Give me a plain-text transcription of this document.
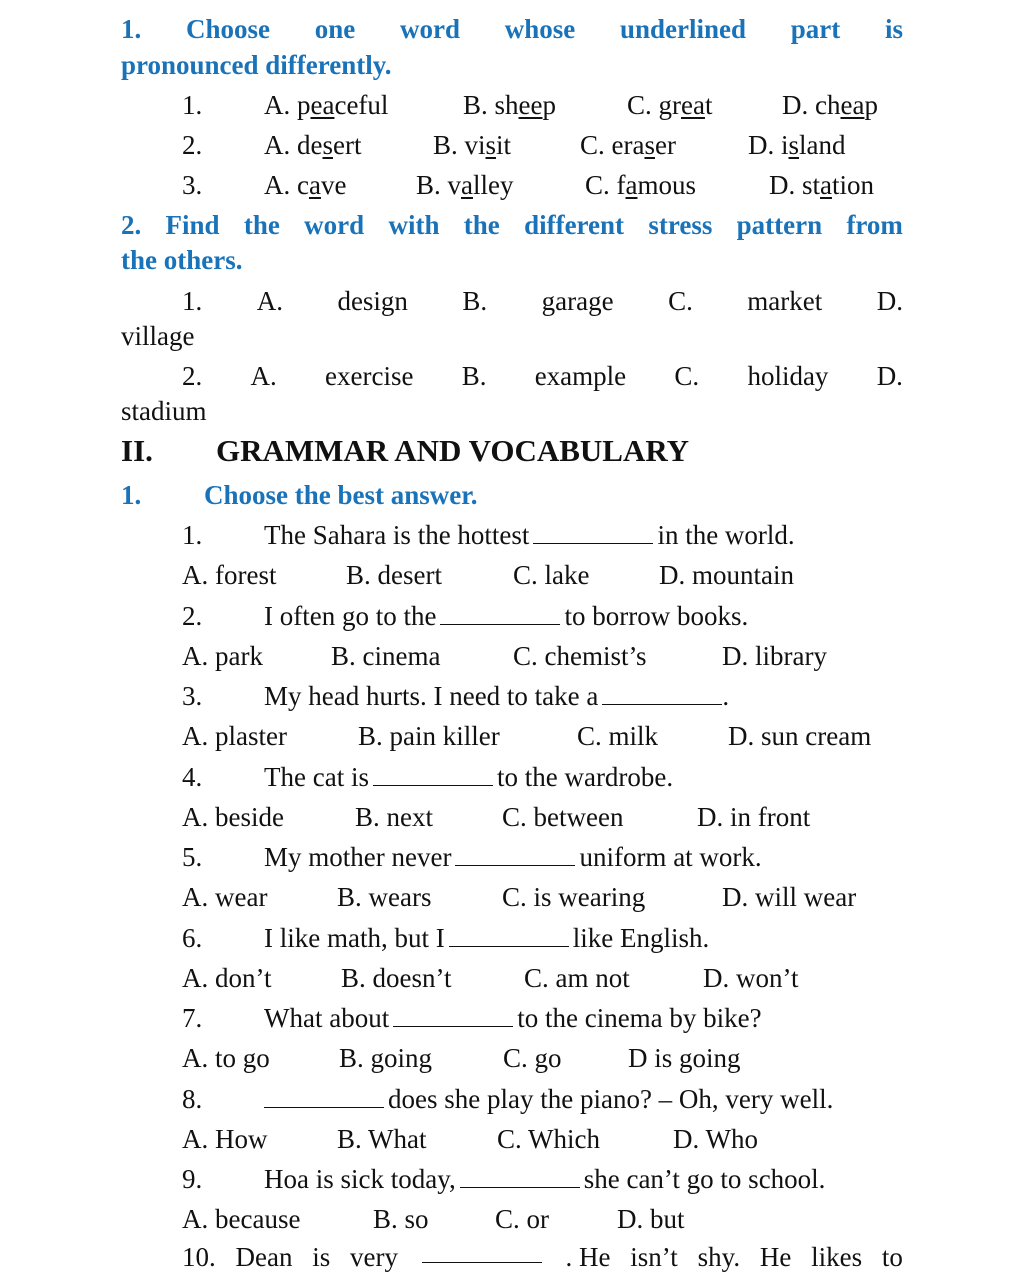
1. Choose one word whose underlined part is
pronounced differently.
1. A. peaceful	B. sheep	C. great	D. cheap
2. A. desert	B. visit	C. eraser	D. island
3. A. cave	B. valley	C. famous	D. station
2. Find the word with the different stress pattern from
the others.
1. A. design B. garage C. market D.
village
2. A. exercise B. example C. holiday D.
stadium
II. GRAMMAR AND VOCABULARY
1. Choose the best answer.
1. The Sahara is the hottest	in the world.
A. forest	B. desert	C. lake	D. mountain
2. I often go to the	to borrow books.
A. park	B. cinema	C. chemist’s	D. library
3. My head hurts. I need to take a	.
A. plaster	B. pain killer	C. milk	D. sun cream
4. The cat is	to the wardrobe.
A. beside	B. next	C. between	D. in front
5. My mother never	uniform at work.
A. wear	B. wears	C. is wearing	D. will wear
6. I like math, but I	like English.
A. don’t	B. doesn’t	C. am not	D. won’t
7. What about	to the cinema by bike?
A. to go	B. going	C. go D is going
8.	does she play the piano? – Oh, very well.
A. How	B. What	C. Which	D. Who
9. Hoa is sick today,	she can’t go to school.
A. because	B. so C. or	D. but
10. Dean is very	. He isn’t shy. He likes to
